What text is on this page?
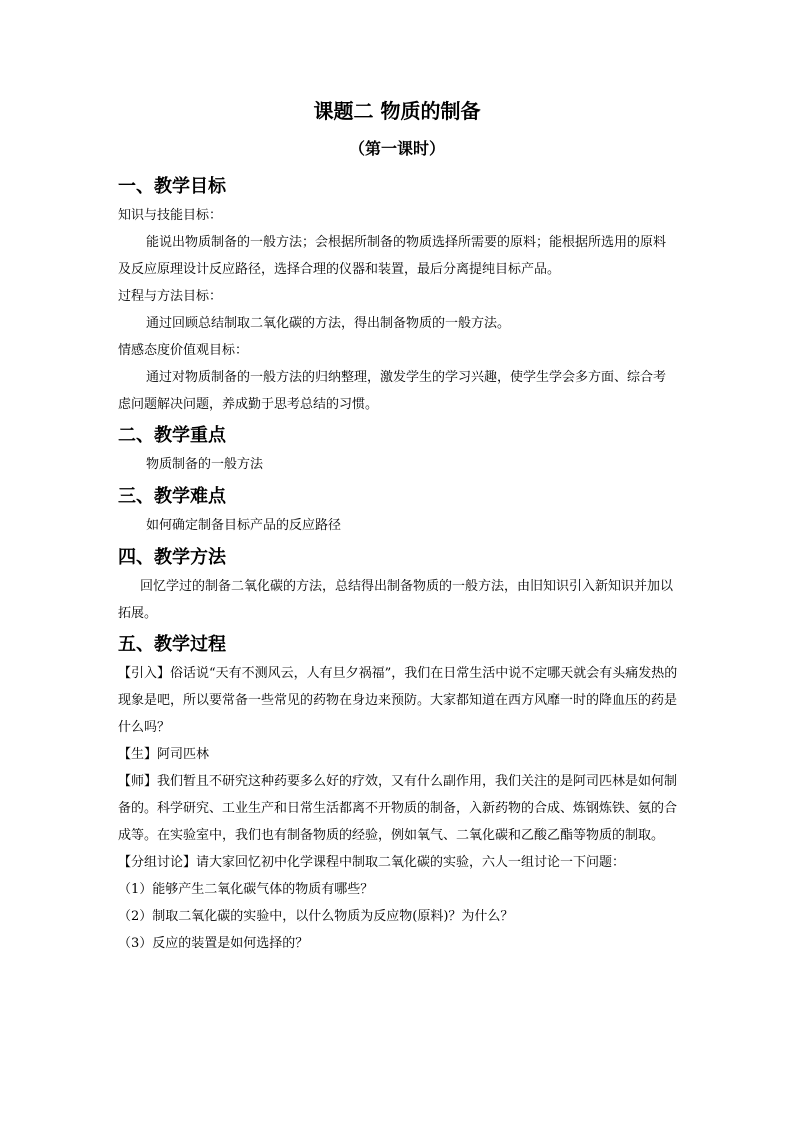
课题二 物质的制备
（第一课时）
一、教学目标

知识与技能目标：

能说出物质制备的一般方法；会根据所制备的物质选择所需要的原料；能根据所选用的原料及反应原理设计反应路径，选择合理的仪器和装置，最后分离提纯目标产品。

过程与方法目标：

通过回顾总结制取二氧化碳的方法，得出制备物质的一般方法。

情感态度价值观目标：

通过对物质制备的一般方法的归纳整理，激发学生的学习兴趣，使学生学会多方面、综合考虑问题解决问题，养成勤于思考总结的习惯。

二、教学重点

物质制备的一般方法

三、教学难点

如何确定制备目标产品的反应路径

四、教学方法

回忆学过的制备二氧化碳的方法，总结得出制备物质的一般方法，由旧知识引入新知识并加以拓展。

五、教学过程

【引入】俗话说“天有不测风云，人有旦夕祸福”，我们在日常生活中说不定哪天就会有头痛发热的现象是吧，所以要常备一些常见的药物在身边来预防。大家都知道在西方风靡一时的降血压的药是什么吗？

【生】阿司匹林

【师】我们暂且不研究这种药要多么好的疗效，又有什么副作用，我们关注的是阿司匹林是如何制备的。科学研究、工业生产和日常生活都离不开物质的制备，入新药物的合成、炼钢炼铁、氨的合成等。在实验室中，我们也有制备物质的经验，例如氧气、二氧化碳和乙酸乙酯等物质的制取。

【分组讨论】请大家回忆初中化学课程中制取二氧化碳的实验，六人一组讨论一下问题：

（1）能够产生二氧化碳气体的物质有哪些？

（2）制取二氧化碳的实验中，以什么物质为反应物(原料)？为什么？

（3）反应的装置是如何选择的？
